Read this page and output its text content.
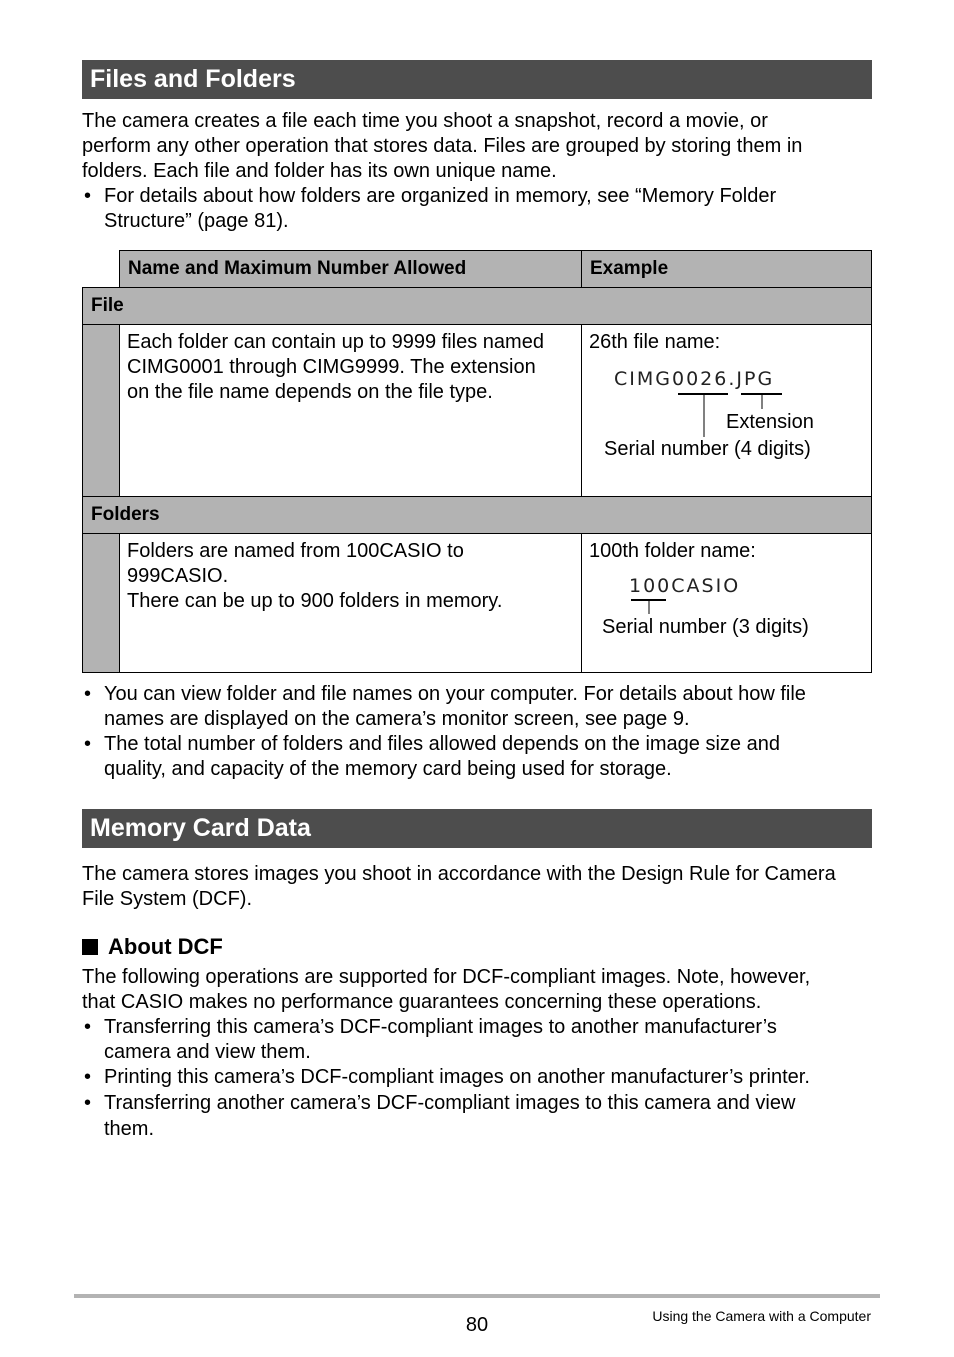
Files and Folders

The camera creates a file each time you shoot a snapshot, record a movie, or
perform any other operation that stores data. Files are grouped by storing them in
folders. Each file and folder has its own unique name.

• For details about how folders are organized in memory, see “Memory Folder
Structure” (page 81).
Name and Maximum Number Allowed	Example
File
Each folder can contain up to 9999 files named
CIMG0001 through CIMG9999. The extension
on the file name depends on the file type.
26th file name:
CIMG0026.JPG
Extension
Serial number (4 digits)
Folders
Folders are named from 100CASIO to
999CASIO.
There can be up to 900 folders in memory.
100th folder name:
100CASIO
Serial number (3 digits)
• You can view folder and file names on your computer. For details about how file
names are displayed on the camera’s monitor screen, see page 9.
• The total number of folders and files allowed depends on the image size and
quality, and capacity of the memory card being used for storage.
Memory Card Data

The camera stores images you shoot in accordance with the Design Rule for Camera
File System (DCF).

About DCF

The following operations are supported for DCF-compliant images. Note, however,
that CASIO makes no performance guarantees concerning these operations.

• Transferring this camera’s DCF-compliant images to another manufacturer’s
camera and view them.
• Printing this camera’s DCF-compliant images on another manufacturer’s printer.
• Transferring another camera’s DCF-compliant images to this camera and view
them.
80	Using the Camera with a Computer
